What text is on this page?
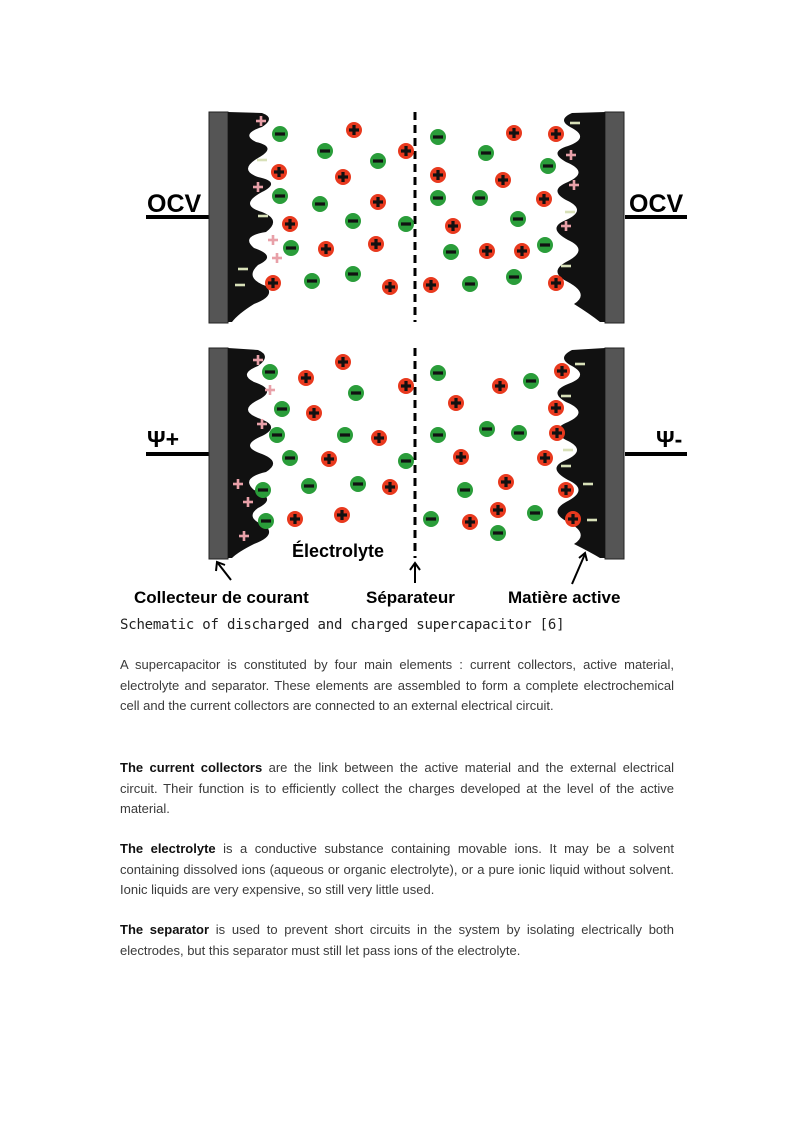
OCV	OCV
Ψ+	Ψ-
Électrolyte
Collecteur de courant	Séparateur	Matière active
Schematic of discharged and charged supercapacitor [6]

A supercapacitor is constituted by four main elements : current collectors, active material, electrolyte and separator. These elements are assembled to form a complete electrochemical cell and the current collectors are connected to an external electrical circuit.

The current collectors are the link between the active material and the external electrical circuit. Their function is to efficiently collect the charges developed at the level of the active material.

The electrolyte is a conductive substance containing movable ions. It may be a solvent containing dissolved ions (aqueous or organic electrolyte), or a pure ionic liquid without solvent. Ionic liquids are very expensive, so still very little used.

The separator is used to prevent short circuits in the system by isolating electrically both electrodes, but this separator must still let pass ions of the electrolyte.
